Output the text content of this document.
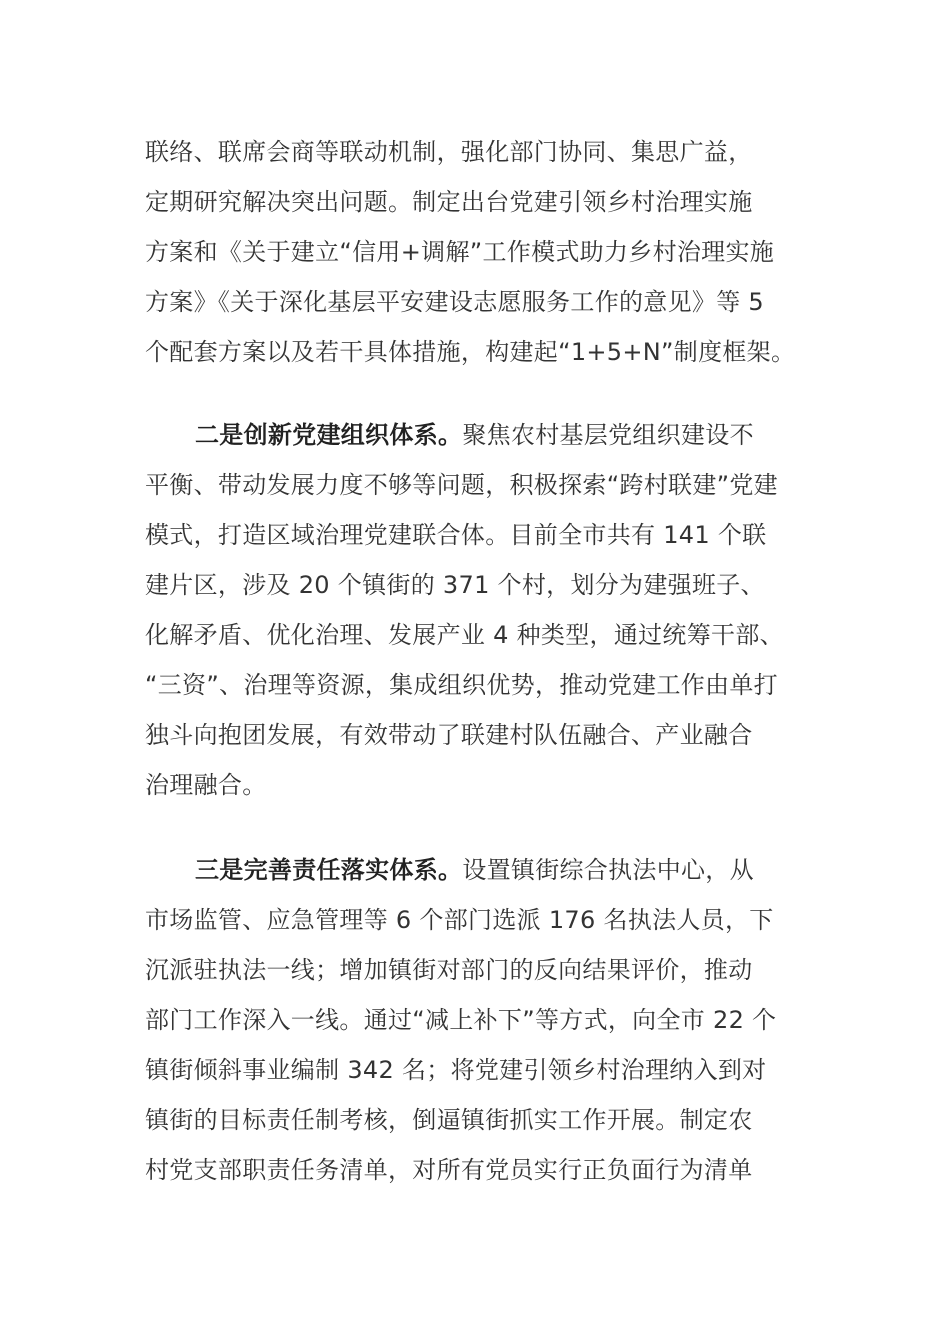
联络、联席会商等联动机制，强化部门协同、集思广益，
定期研究解决突出问题。制定出台党建引领乡村治理实施
方案和《关于建立“信用+调解”工作模式助力乡村治理实施
方案》《关于深化基层平安建设志愿服务工作的意见》等 5
个配套方案以及若干具体措施，构建起“1+5+N”制度框架。
二是创新党建组织体系。聚焦农村基层党组织建设不
平衡、带动发展力度不够等问题，积极探索“跨村联建”党建
模式，打造区域治理党建联合体。目前全市共有 141 个联
建片区，涉及 20 个镇街的 371 个村，划分为建强班子、
化解矛盾、优化治理、发展产业 4 种类型，通过统筹干部、
“三资”、治理等资源，集成组织优势，推动党建工作由单打
独斗向抱团发展，有效带动了联建村队伍融合、产业融合
治理融合。
三是完善责任落实体系。设置镇街综合执法中心，从
市场监管、应急管理等 6 个部门选派 176 名执法人员，下
沉派驻执法一线；增加镇街对部门的反向结果评价，推动
部门工作深入一线。通过“减上补下”等方式，向全市 22 个
镇街倾斜事业编制 342 名；将党建引领乡村治理纳入到对
镇街的目标责任制考核，倒逼镇街抓实工作开展。制定农
村党支部职责任务清单，对所有党员实行正负面行为清单
